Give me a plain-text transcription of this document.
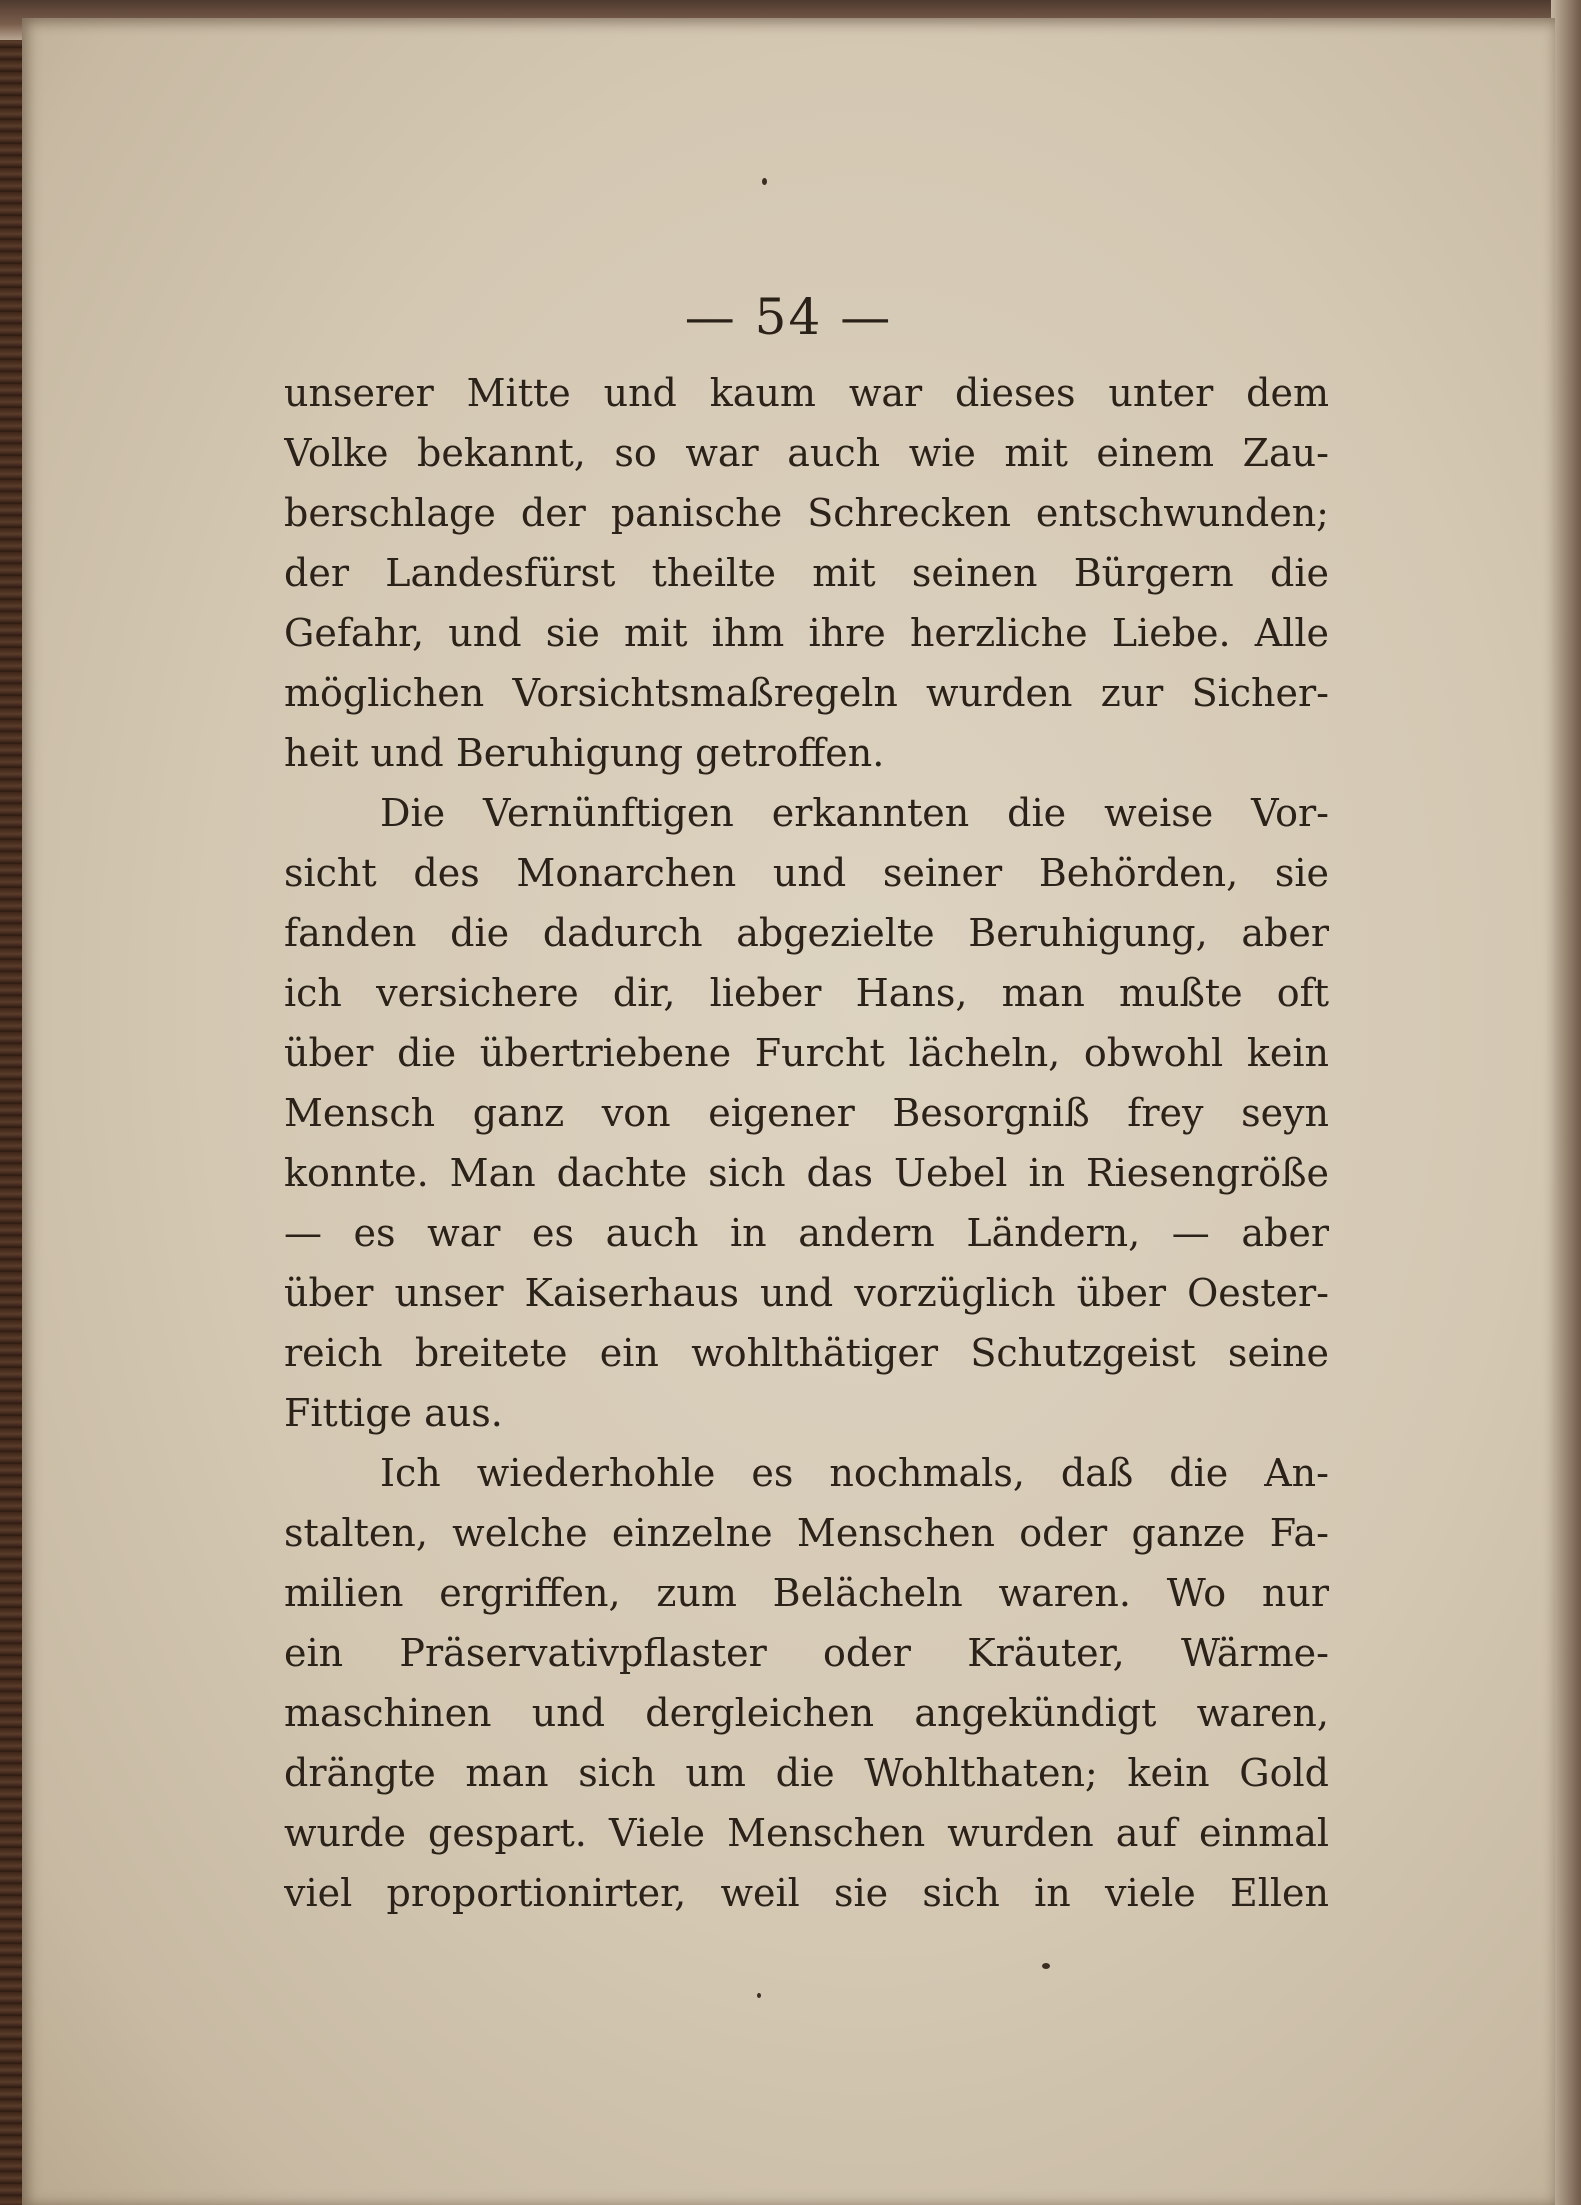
— 54 —
unserer Mitte und kaum war dieses unter dem
Volke bekannt, so war auch wie mit einem Zau-
berschlage der panische Schrecken entschwunden;
der Landesfürst theilte mit seinen Bürgern die
Gefahr, und sie mit ihm ihre herzliche Liebe. Alle
möglichen Vorsichtsmaßregeln wurden zur Sicher-
heit und Beruhigung getroffen.
Die Vernünftigen erkannten die weise Vor-
sicht des Monarchen und seiner Behörden, sie
fanden die dadurch abgezielte Beruhigung, aber
ich versichere dir, lieber Hans, man mußte oft
über die übertriebene Furcht lächeln, obwohl kein
Mensch ganz von eigener Besorgniß frey seyn
konnte. Man dachte sich das Uebel in Riesengröße
— es war es auch in andern Ländern, — aber
über unser Kaiserhaus und vorzüglich über Oester-
reich breitete ein wohlthätiger Schutzgeist seine
Fittige aus.
Ich wiederhohle es nochmals, daß die An-
stalten, welche einzelne Menschen oder ganze Fa-
milien ergriffen, zum Belächeln waren. Wo nur
ein Präservativpflaster oder Kräuter, Wärme-
maschinen und dergleichen angekündigt waren,
drängte man sich um die Wohlthaten; kein Gold
wurde gespart. Viele Menschen wurden auf einmal
viel proportionirter, weil sie sich in viele Ellen
